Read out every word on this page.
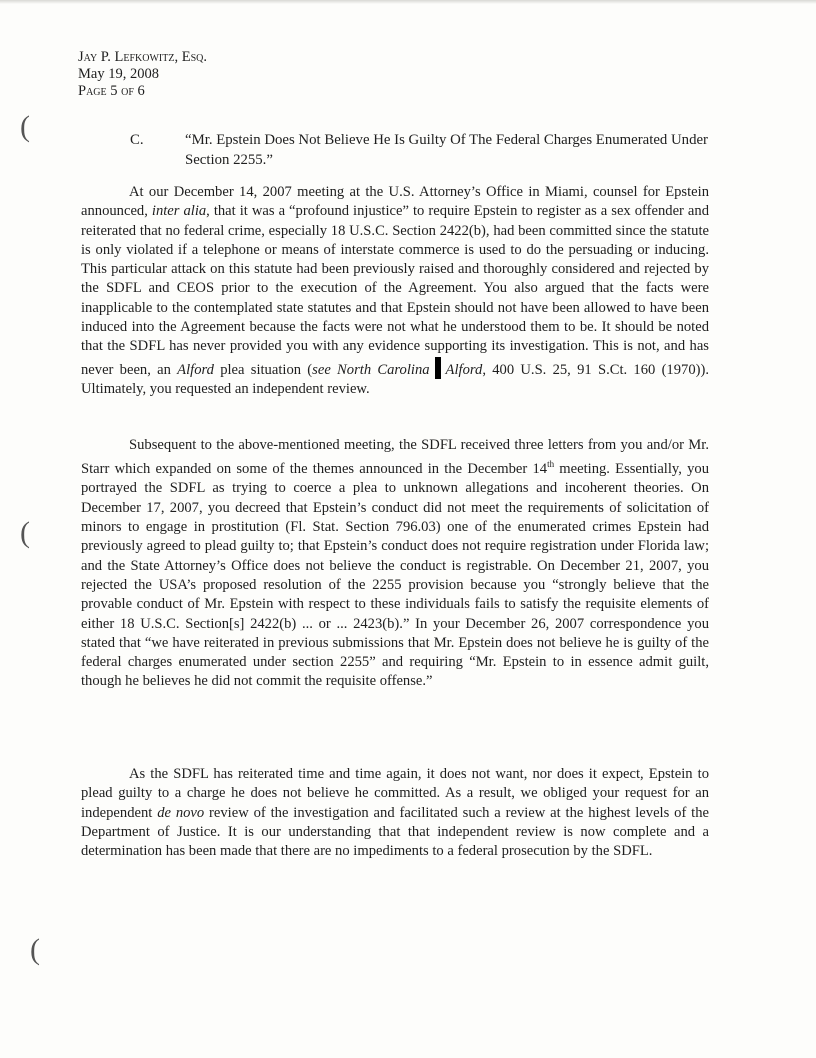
(
(
(
Jay P. Lefkowitz, Esq.
May 19, 2008
Page 5 of 6
C.	“Mr. Epstein Does Not Believe He Is Guilty Of The Federal Charges Enumerated Under Section 2255.”

At our December 14, 2007 meeting at the U.S. Attorney’s Office in Miami, counsel for Epstein announced, inter alia, that it was a “profound injustice” to require Epstein to register as a sex offender and reiterated that no federal crime, especially 18 U.S.C. Section 2422(b), had been committed since the statute is only violated if a telephone or means of interstate commerce is used to do the persuading or inducing. This particular attack on this statute had been previously raised and thoroughly considered and rejected by the SDFL and CEOS prior to the execution of the Agreement. You also argued that the facts were inapplicable to the contemplated state statutes and that Epstein should not have been allowed to have been induced into the Agreement because the facts were not what he understood them to be. It should be noted that the SDFL has never provided you with any evidence supporting its investigation. This is not, and has never been, an Alford plea situation (see North Carolina Alford, 400 U.S. 25, 91 S.Ct. 160 (1970)). Ultimately, you requested an independent review.

Subsequent to the above-mentioned meeting, the SDFL received three letters from you and/or Mr. Starr which expanded on some of the themes announced in the December 14th meeting. Essentially, you portrayed the SDFL as trying to coerce a plea to unknown allegations and incoherent theories. On December 17, 2007, you decreed that Epstein’s conduct did not meet the requirements of solicitation of minors to engage in prostitution (Fl. Stat. Section 796.03) one of the enumerated crimes Epstein had previously agreed to plead guilty to; that Epstein’s conduct does not require registration under Florida law; and the State Attorney’s Office does not believe the conduct is registrable. On December 21, 2007, you rejected the USA’s proposed resolution of the 2255 provision because you “strongly believe that the provable conduct of Mr. Epstein with respect to these individuals fails to satisfy the requisite elements of either 18 U.S.C. Section[s] 2422(b) ... or ... 2423(b).” In your December 26, 2007 correspondence you stated that “we have reiterated in previous submissions that Mr. Epstein does not believe he is guilty of the federal charges enumerated under section 2255” and requiring “Mr. Epstein to in essence admit guilt, though he believes he did not commit the requisite offense.”

As the SDFL has reiterated time and time again, it does not want, nor does it expect, Epstein to plead guilty to a charge he does not believe he committed. As a result, we obliged your request for an independent de novo review of the investigation and facilitated such a review at the highest levels of the Department of Justice. It is our understanding that that independent review is now complete and a determination has been made that there are no impediments to a federal prosecution by the SDFL.
